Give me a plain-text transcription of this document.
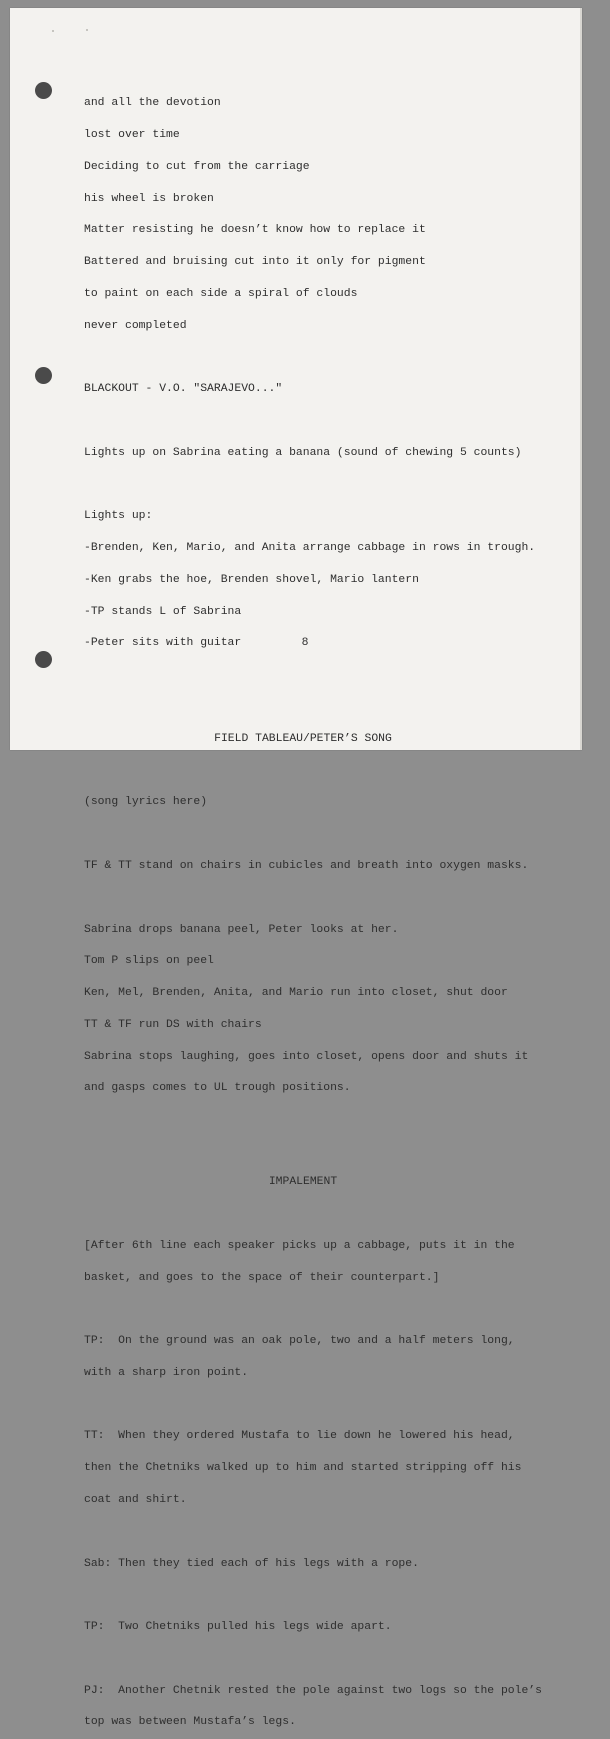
and all the devotion

lost over time

Deciding to cut from the carriage

his wheel is broken

Matter resisting he doesn’t know how to replace it

Battered and bruising cut into it only for pigment

to paint on each side a spiral of clouds

never completed

BLACKOUT - V.O. "SARAJEVO..."

Lights up on Sabrina eating a banana (sound of chewing 5 counts)

Lights up:

-Brenden, Ken, Mario, and Anita arrange cabbage in rows in trough.

-Ken grabs the hoe, Brenden shovel, Mario lantern

-TP stands L of Sabrina

-Peter sits with guitar

FIELD TABLEAU/PETER’S SONG

(song lyrics here)

TF & TT stand on chairs in cubicles and breath into oxygen masks.

Sabrina drops banana peel, Peter looks at her.

Tom P slips on peel

Ken, Mel, Brenden, Anita, and Mario run into closet, shut door

TT & TF run DS with chairs

Sabrina stops laughing, goes into closet, opens door and shuts it

and gasps comes to UL trough positions.

IMPALEMENT

[After 6th line each speaker picks up a cabbage, puts it in the

basket, and goes to the space of their counterpart.]

TP:  On the ground was an oak pole, two and a half meters long,

with a sharp iron point.

TT:  When they ordered Mustafa to lie down he lowered his head,

then the Chetniks walked up to him and started stripping off his

coat and shirt.

Sab: Then they tied each of his legs with a rope.

TP:  Two Chetniks pulled his legs wide apart.

PJ:  Another Chetnik rested the pole against two logs so the pole’s

top was between Mustafa’s legs.

8
